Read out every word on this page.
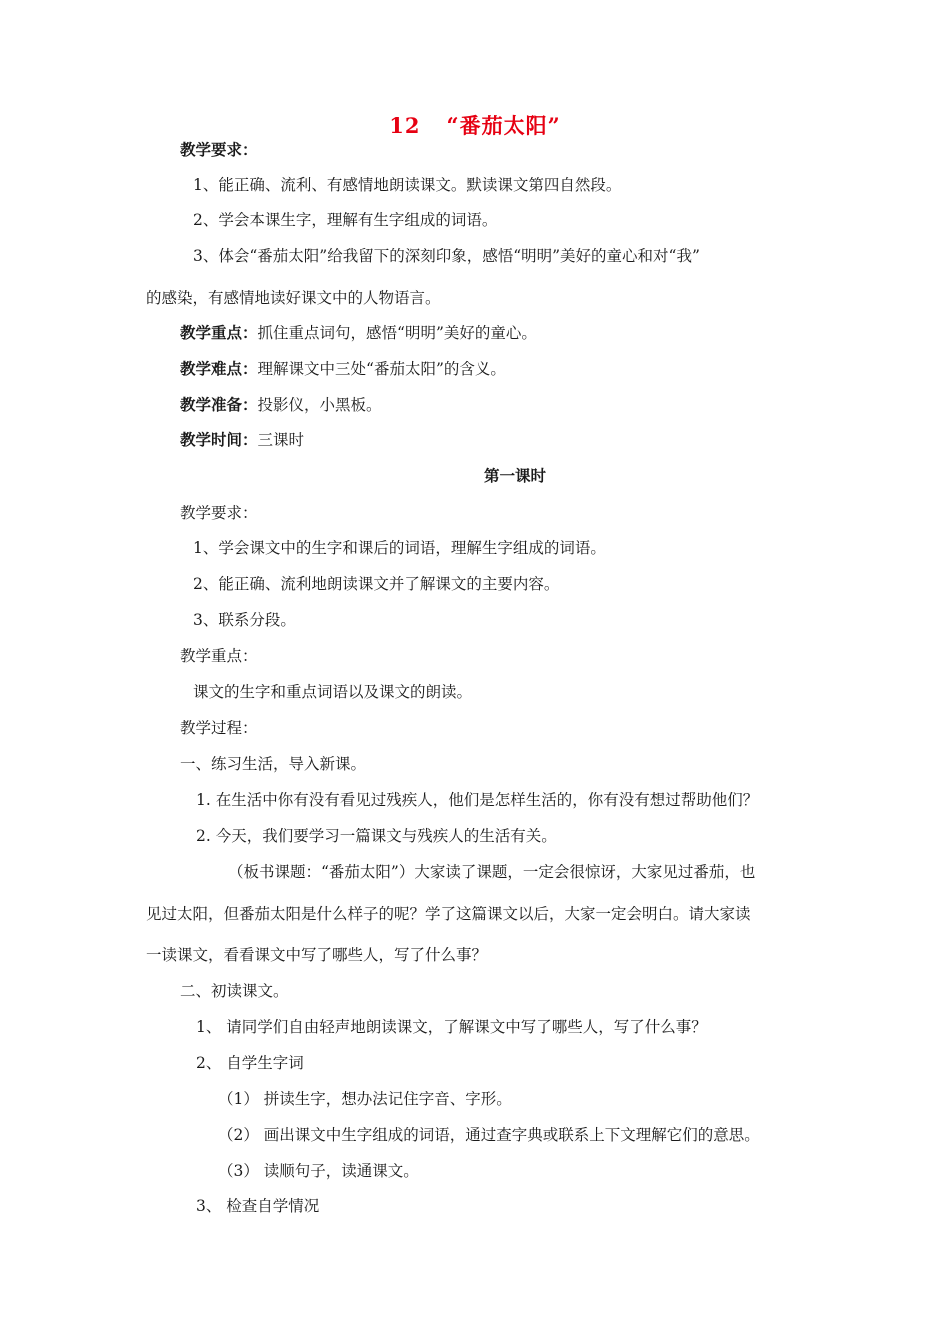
12 “番茄太阳”
教学要求：
1、能正确、流利、有感情地朗读课文。默读课文第四自然段。
2、学会本课生字，理解有生字组成的词语。
3、体会“番茄太阳”给我留下的深刻印象，感悟“明明”美好的童心和对“我”
的感染，有感情地读好课文中的人物语言。
教学重点：抓住重点词句，感悟“明明”美好的童心。
教学难点：理解课文中三处“番茄太阳”的含义。
教学准备：投影仪，小黑板。
教学时间：三课时
第一课时
教学要求：
1、学会课文中的生字和课后的词语，理解生字组成的词语。
2、能正确、流利地朗读课文并了解课文的主要内容。
3、联系分段。
教学重点：
课文的生字和重点词语以及课文的朗读。
教学过程：
一、练习生活，导入新课。
1. 在生活中你有没有看见过残疾人，他们是怎样生活的，你有没有想过帮助他们？
2. 今天，我们要学习一篇课文与残疾人的生活有关。
（板书课题：“番茄太阳”）大家读了课题，一定会很惊讶，大家见过番茄，也
见过太阳，但番茄太阳是什么样子的呢？学了这篇课文以后，大家一定会明白。请大家读
一读课文，看看课文中写了哪些人，写了什么事？
二、初读课文。
1、 请同学们自由轻声地朗读课文，了解课文中写了哪些人，写了什么事？
2、 自学生字词
（1） 拼读生字，想办法记住字音、字形。
（2） 画出课文中生字组成的词语，通过查字典或联系上下文理解它们的意思。
（3） 读顺句子，读通课文。
3、 检查自学情况
